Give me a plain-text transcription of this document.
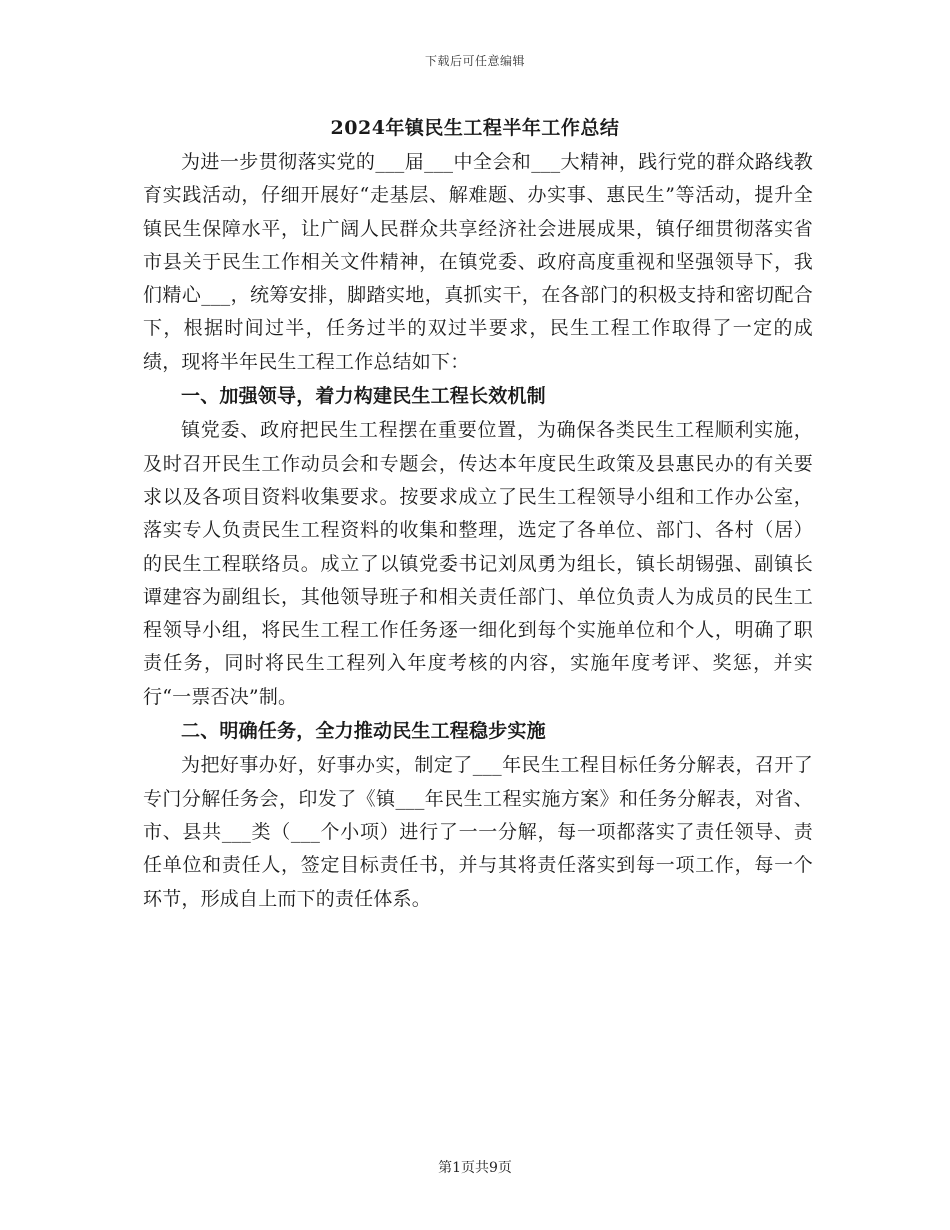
下载后可任意编辑
2024年镇民生工程半年工作总结

为进一步贯彻落实党的___届___中全会和___大精神，践行党的群众路线教育实践活动，仔细开展好“走基层、解难题、办实事、惠民生”等活动，提升全镇民生保障水平，让广阔人民群众共享经济社会进展成果，镇仔细贯彻落实省市县关于民生工作相关文件精神，在镇党委、政府高度重视和坚强领导下，我们精心___，统筹安排，脚踏实地，真抓实干，在各部门的积极支持和密切配合下，根据时间过半，任务过半的双过半要求，民生工程工作取得了一定的成绩，现将半年民生工程工作总结如下：

一、加强领导，着力构建民生工程长效机制

镇党委、政府把民生工程摆在重要位置，为确保各类民生工程顺利实施，及时召开民生工作动员会和专题会，传达本年度民生政策及县惠民办的有关要求以及各项目资料收集要求。按要求成立了民生工程领导小组和工作办公室，落实专人负责民生工程资料的收集和整理，选定了各单位、部门、各村（居）的民生工程联络员。成立了以镇党委书记刘凤勇为组长，镇长胡锡强、副镇长谭建容为副组长，其他领导班子和相关责任部门、单位负责人为成员的民生工程领导小组，将民生工程工作任务逐一细化到每个实施单位和个人，明确了职责任务，同时将民生工程列入年度考核的内容，实施年度考评、奖惩，并实行“一票否决”制。

二、明确任务，全力推动民生工程稳步实施

为把好事办好，好事办实，制定了___年民生工程目标任务分解表，召开了专门分解任务会，印发了《镇___年民生工程实施方案》和任务分解表，对省、市、县共___类（___个小项）进行了一一分解，每一项都落实了责任领导、责任单位和责任人，签定目标责任书，并与其将责任落实到每一项工作，每一个环节，形成自上而下的责任体系。

第1页共9页
